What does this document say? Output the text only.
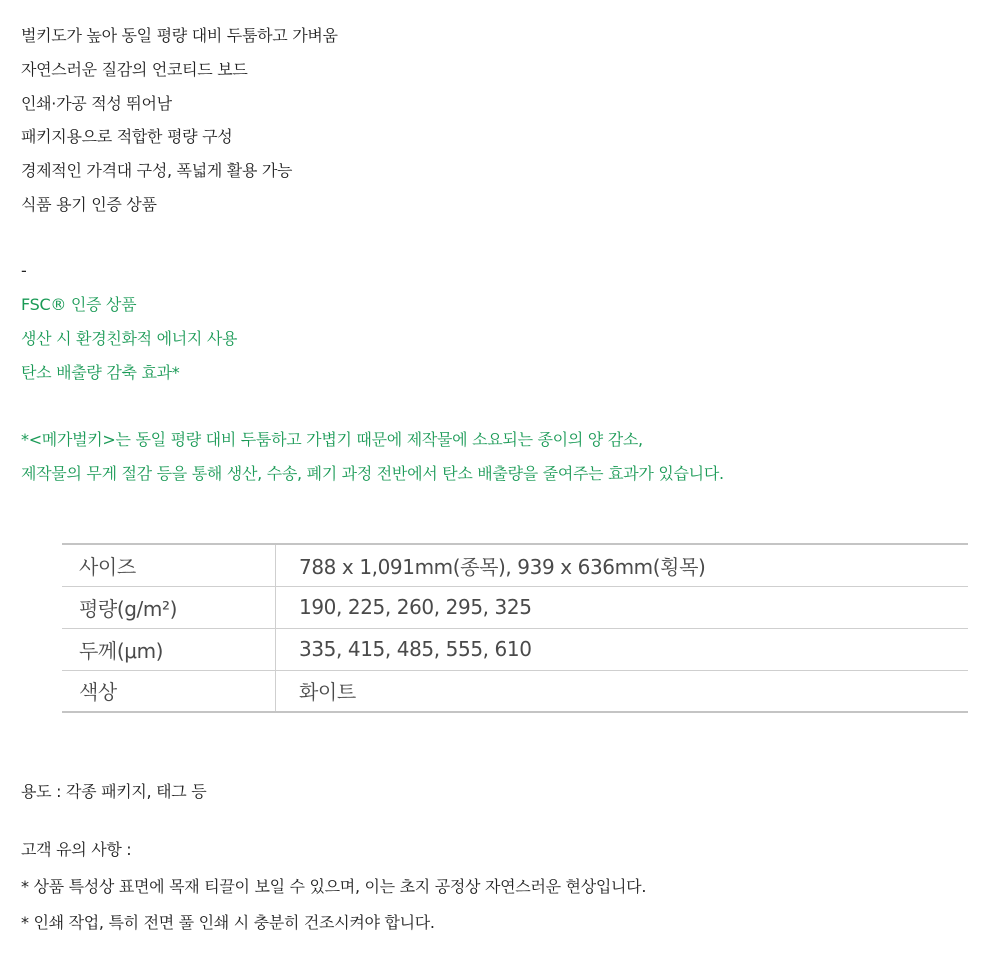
벌키도가 높아 동일 평량 대비 두툼하고 가벼움
자연스러운 질감의 언코티드 보드
인쇄·가공 적성 뛰어남
패키지용으로 적합한 평량 구성
경제적인 가격대 구성, 폭넓게 활용 가능
식품 용기 인증 상품
-
FSC® 인증 상품
생산 시 환경친화적 에너지 사용
탄소 배출량 감축 효과*
*<메가벌키>는 동일 평량 대비 두툼하고 가볍기 때문에 제작물에 소요되는 종이의 양 감소,
제작물의 무게 절감 등을 통해 생산, 수송, 폐기 과정 전반에서 탄소 배출량을 줄여주는 효과가 있습니다.
사이즈	788 x 1,091mm(종목), 939 x 636mm(횡목)
평량(g/m²)	190, 225, 260, 295, 325
두께(μm)	335, 415, 485, 555, 610
색상	화이트
용도 : 각종 패키지, 태그 등
고객 유의 사항 :
* 상품 특성상 표면에 목재 티끌이 보일 수 있으며, 이는 초지 공정상 자연스러운 현상입니다.
* 인쇄 작업, 특히 전면 풀 인쇄 시 충분히 건조시켜야 합니다.
